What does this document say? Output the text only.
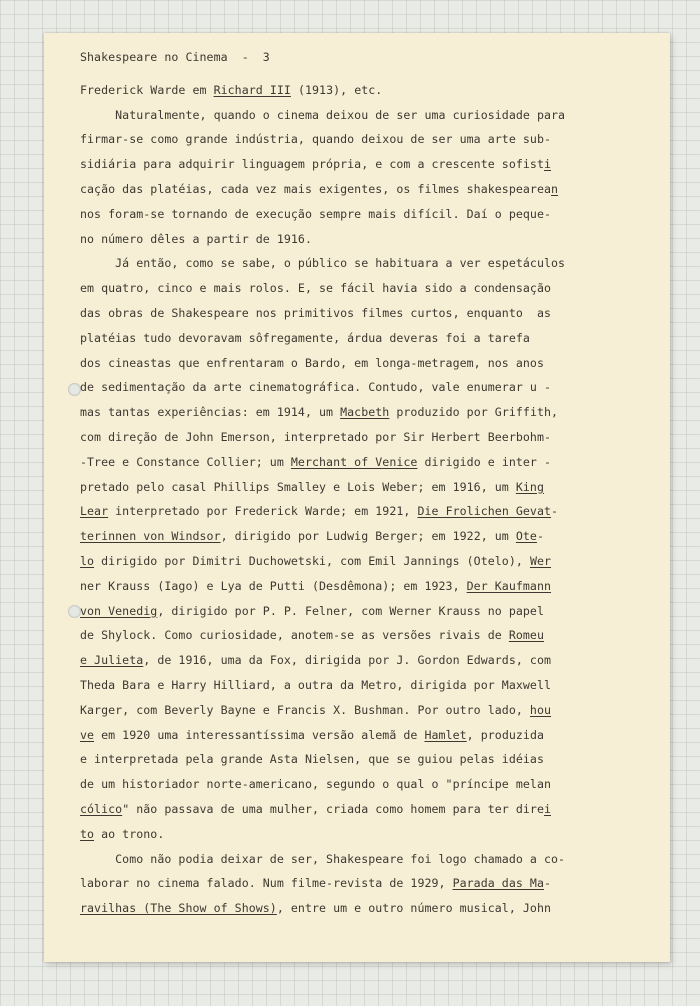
Shakespeare no Cinema  -  3
Frederick Warde em Richard III (1913), etc.
Naturalmente, quando o cinema deixou de ser uma curiosidade para
firmar-se como grande indústria, quando deixou de ser uma arte sub-
sidiária para adquirir linguagem própria, e com a crescente sofisti
cação das platéias, cada vez mais exigentes, os filmes shakespearean
nos foram-se tornando de execução sempre mais difícil. Daí o peque-
no número dêles a partir de 1916.
Já então, como se sabe, o público se habituara a ver espetáculos
em quatro, cinco e mais rolos. E, se fácil havia sido a condensação
das obras de Shakespeare nos primitivos filmes curtos, enquanto  as
platéias tudo devoravam sôfregamente, árdua deveras foi a tarefa
dos cineastas que enfrentaram o Bardo, em longa-metragem, nos anos
de sedimentação da arte cinematográfica. Contudo, vale enumerar u -
mas tantas experiências: em 1914, um Macbeth produzido por Griffith,
com direção de John Emerson, interpretado por Sir Herbert Beerbohm-
-Tree e Constance Collier; um Merchant of Venice dirigido e inter -
pretado pelo casal Phillips Smalley e Lois Weber; em 1916, um King
Lear interpretado por Frederick Warde; em 1921, Die Frolichen Gevat-
terinnen von Windsor, dirigido por Ludwig Berger; em 1922, um Ote-
lo dirigido por Dimitri Duchowetski, com Emil Jannings (Otelo), Wer
ner Krauss (Iago) e Lya de Putti (Desdêmona); em 1923, Der Kaufmann
von Venedig, dirigido por P. P. Felner, com Werner Krauss no papel
de Shylock. Como curiosidade, anotem-se as versões rivais de Romeu
e Julieta, de 1916, uma da Fox, dirigida por J. Gordon Edwards, com
Theda Bara e Harry Hilliard, a outra da Metro, dirigida por Maxwell
Karger, com Beverly Bayne e Francis X. Bushman. Por outro lado, hou
ve em 1920 uma interessantíssima versão alemã de Hamlet, produzida
e interpretada pela grande Asta Nielsen, que se guiou pelas idéias
de um historiador norte-americano, segundo o qual o "príncipe melan
cólico" não passava de uma mulher, criada como homem para ter direi
to ao trono.
Como não podia deixar de ser, Shakespeare foi logo chamado a co-
laborar no cinema falado. Num filme-revista de 1929, Parada das Ma-
ravilhas (The Show of Shows), entre um e outro número musical, John
